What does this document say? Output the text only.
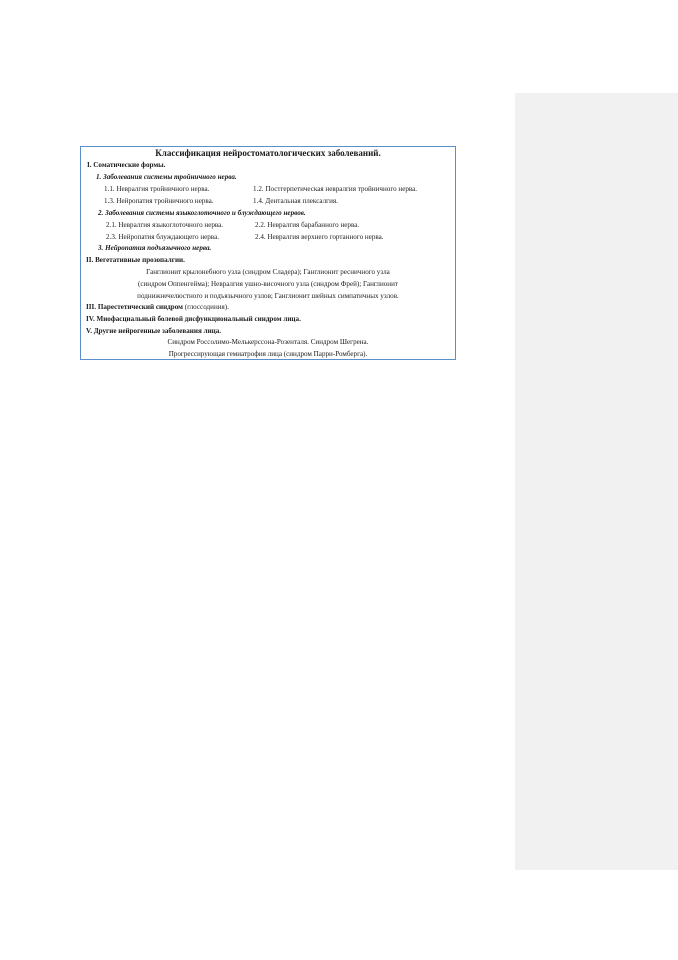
Классификация нейростоматологических заболеваний.
I. Соматические формы.
1. Заболевания системы тройничного нерва.
1.1. Невралгия тройничного нерва.	1.2. Постгерпетическая невралгия тройничного нерва.
1.3. Нейропатия тройничного нерва.	1.4. Дентальная плексалгия.
2. Заболевания системы языкоглоточного и блуждающего нервов.
2.1. Невралгия языкоглоточного нерва.	2.2. Невралгия барабанного нерва.
2.3. Нейропатия блуждающего нерва.	2.4. Невралгия верхнего гортанного нерва.
3. Нейропатия подъязычного нерва.
II. Вегетативные прозопалгии.
Ганглионит крылонебного узла (синдром Сладера); Ганглионит ресничного узла
(синдром Оппенгейма); Невралгия ушно-височного узла (синдром Фрей); Ганглионит
поднижнечелюстного и подъязычного узлов; Ганглионит шейных симпатичных узлов.
III. Парестетический синдром (глоссодиния).
IV. Миофасциальный болевой дисфункциональный синдром лица.
V. Другие нейрогенные заболевания лица.
Синдром Россолимо-Мелькерссона-Розенталя. Синдром Шегрена.
Прогрессирующая гемиатрофия лица (синдром Парри-Ромберга).
